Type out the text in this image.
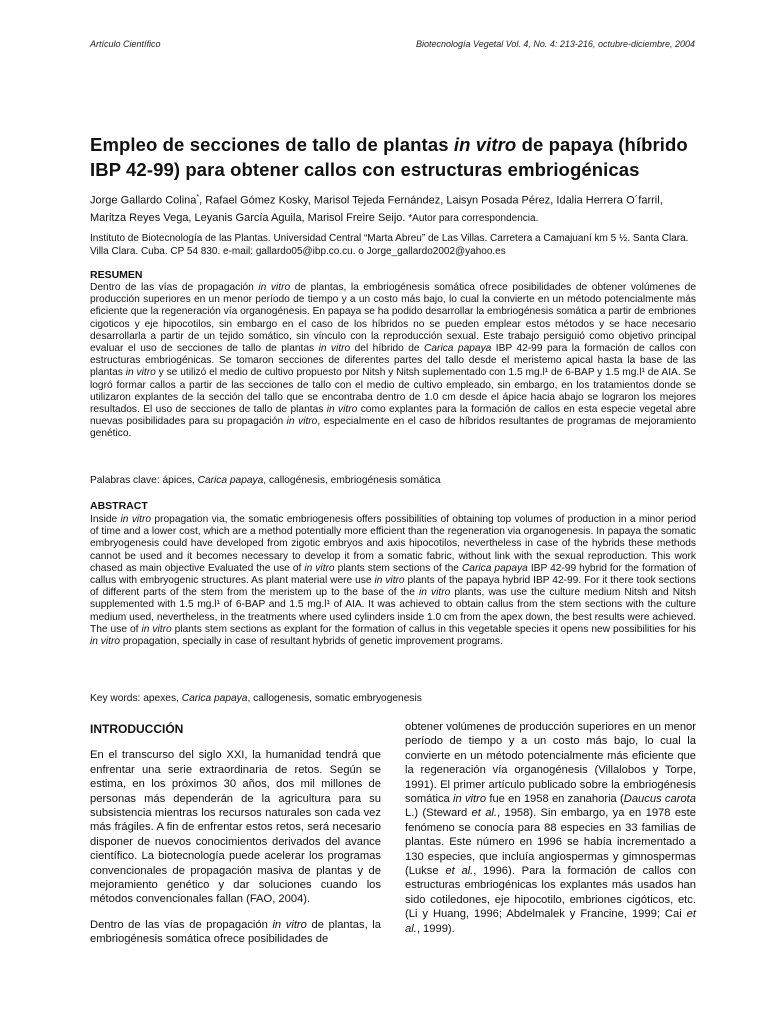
Artículo Científico	Biotecnología Vegetal Vol. 4, No. 4: 213-216, octubre-diciembre, 2004
Empleo de secciones de tallo de plantas in vitro de papaya (híbrido IBP 42-99) para obtener callos con estructuras embriogénicas
Jorge Gallardo Colina*, Rafael Gómez Kosky, Marisol Tejeda Fernández, Laisyn Posada Pérez, Idalia Herrera O´farril, Maritza Reyes Vega, Leyanis García Aguila, Marisol Freire Seijo. *Autor para correspondencia.
Instituto de Biotecnología de las Plantas. Universidad Central “Marta Abreu” de Las Villas. Carretera a Camajuaní km 5 ½. Santa Clara. Villa Clara. Cuba. CP 54 830. e-mail: gallardo05@ibp.co.cu. o Jorge_gallardo2002@yahoo.es
RESUMEN
Dentro de las vías de propagación in vitro de plantas, la embriogénesis somática ofrece posibilidades de obtener volúmenes de producción superiores en un menor período de tiempo y a un costo más bajo, lo cual la convierte en un método potencialmente más eficiente que la regeneración vía organogénesis. En papaya se ha podido desarrollar la embriogénesis somática a partir de embriones cigoticos y eje hipocotilos, sin embargo en el caso de los híbridos no se pueden emplear estos métodos y se hace necesario desarrollarla a partir de un tejido somático, sin vínculo con la reproducción sexual. Este trabajo persiguió como objetivo principal evaluar el uso de secciones de tallo de plantas in vitro del híbrido de Carica papaya IBP 42-99 para la formación de callos con estructuras embriogénicas. Se tomaron secciones de diferentes partes del tallo desde el meristemo apical hasta la base de las plantas in vitro y se utilizó el medio de cultivo propuesto por Nitsh y Nitsh suplementado con 1.5 mg.l¹ de 6-BAP y 1.5 mg.l¹ de AIA. Se logró formar callos a partir de las secciones de tallo con el medio de cultivo empleado, sin embargo, en los tratamientos donde se utilizaron explantes de la sección del tallo que se encontraba dentro de 1.0 cm desde el ápice hacia abajo se lograron los mejores resultados. El uso de secciones de tallo de plantas in vitro como explantes para la formación de callos en esta especie vegetal abre nuevas posibilidades para su propagación in vitro, especialmente en el caso de híbridos resultantes de programas de mejoramiento genético.
Palabras clave: ápices, Carica papaya, callogénesis, embriogénesis somática
ABSTRACT
Inside in vitro propagation via, the somatic embriogenesis offers possibilities of obtaining top volumes of production in a minor period of time and a lower cost, which are a method potentially more efficient than the regeneration via organogenesis. In papaya the somatic embryogenesis could have developed from zigotic embryos and axis hipocotilos, nevertheless in case of the hybrids these methods cannot be used and it becomes necessary to develop it from a somatic fabric, without link with the sexual reproduction. This work chased as main objective Evaluated the use of in vitro plants stem sections of the Carica papaya IBP 42-99 hybrid for the formation of callus with embryogenic structures. As plant material were use in vitro plants of the papaya hybrid IBP 42-99. For it there took sections of different parts of the stem from the meristem up to the base of the in vitro plants, was use the culture medium Nitsh and Nitsh supplemented with 1.5 mg.l¹ of 6-BAP and 1.5 mg.l¹ of AIA. It was achieved to obtain callus from the stem sections with the culture medium used, nevertheless, in the treatments where used cylinders inside 1.0 cm from the apex down, the best results were achieved. The use of in vitro plants stem sections as explant for the formation of callus in this vegetable species it opens new possibilities for his in vitro propagation, specially in case of resultant hybrids of genetic improvement programs.
Key words: apexes, Carica papaya, callogenesis, somatic embryogenesis
INTRODUCCIÓN

En el transcurso del siglo XXI, la humanidad tendrá que enfrentar una serie extraordinaria de retos. Según se estima, en los próximos 30 años, dos mil millones de personas más dependerán de la agricultura para su subsistencia mientras los recursos naturales son cada vez más frágiles. A fin de enfrentar estos retos, será necesario disponer de nuevos conocimientos derivados del avance científico. La biotecnología puede acelerar los programas convencionales de propagación masiva de plantas y de mejoramiento genético y dar soluciones cuando los métodos convencionales fallan (FAO, 2004).

Dentro de las vías de propagación in vitro de plantas, la embriogénesis somática ofrece posibilidades de

obtener volúmenes de producción superiores en un menor período de tiempo y a un costo más bajo, lo cual la convierte en un método potencialmente más eficiente que la regeneración vía organogénesis (Villalobos y Torpe, 1991). El primer artículo publicado sobre la embriogénesis somática in vitro fue en 1958 en zanahoria (Daucus carota L.) (Steward et al., 1958). Sin embargo, ya en 1978 este fenómeno se conocía para 88 especies en 33 familias de plantas. Este número en 1996 se había incrementado a 130 especies, que incluía angiospermas y gimnospermas (Lukse et al., 1996). Para la formación de callos con estructuras embriogénicas los explantes más usados han sido cotiledones, eje hipocotilo, embriones cigóticos, etc. (Li y Huang, 1996; Abdelmalek y Francine, 1999; Cai et al., 1999).
